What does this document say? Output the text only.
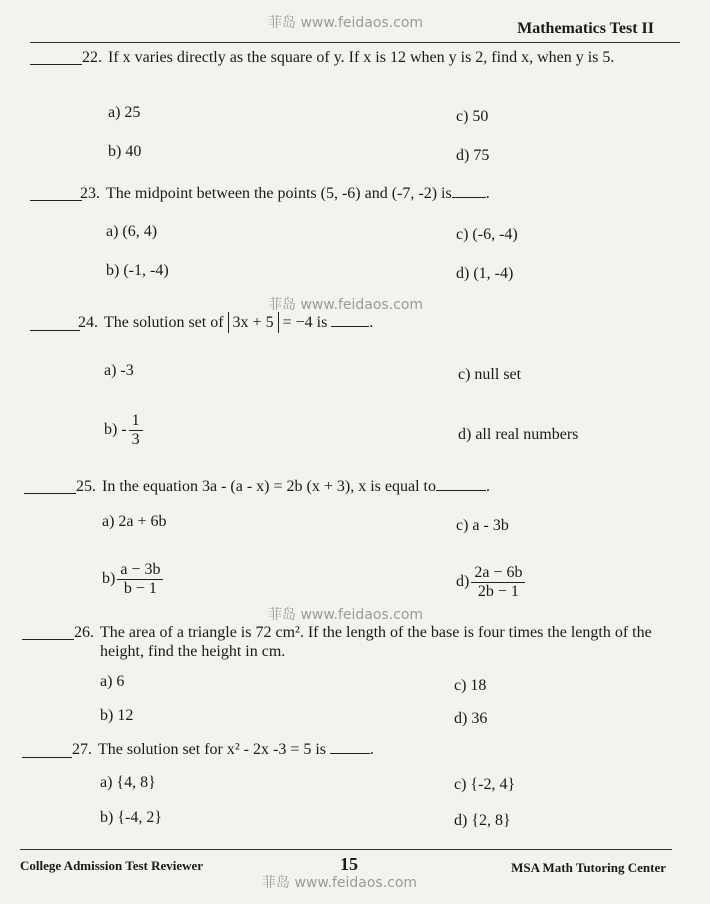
菲岛 www.feidaos.com
菲岛 www.feidaos.com
菲岛 www.feidaos.com
菲岛 www.feidaos.com
Mathematics Test II
22. If x varies directly as the square of y. If x is 12 when y is 2, find x, when y is 5.
a) 25	c) 50
b) 40	d) 75
23. The midpoint between the points (5, -6) and (-7, -2) is .
a) (6, 4)	c) (-6, -4)
b) (-1, -4)	d) (1, -4)
24. The solution set of 3x + 5 = −4 is	.
a) -3	c) null set
$b) - \frac{1}{3}$	d) all real numbers
25. In the equation 3a - (a - x) = 2b (x + 3), x is equal to	.
a) 2a + 6b	c) a - 3b
$b) \frac{a - 3b}{b - 1}$	$d) \frac{2a - 6b}{2b - 1}$
26. The area of a triangle is 72 cm². If the length of the base is four times the length of the height, find the height in cm.
a) 6	c) 18
b) 12	d) 36
27. The solution set for x² - 2x -3 = 5 is	.
a) {4, 8}	c) {-2, 4}
b) {-4, 2}	d) {2, 8}
College Admission Test Reviewer	15	MSA Math Tutoring Center
